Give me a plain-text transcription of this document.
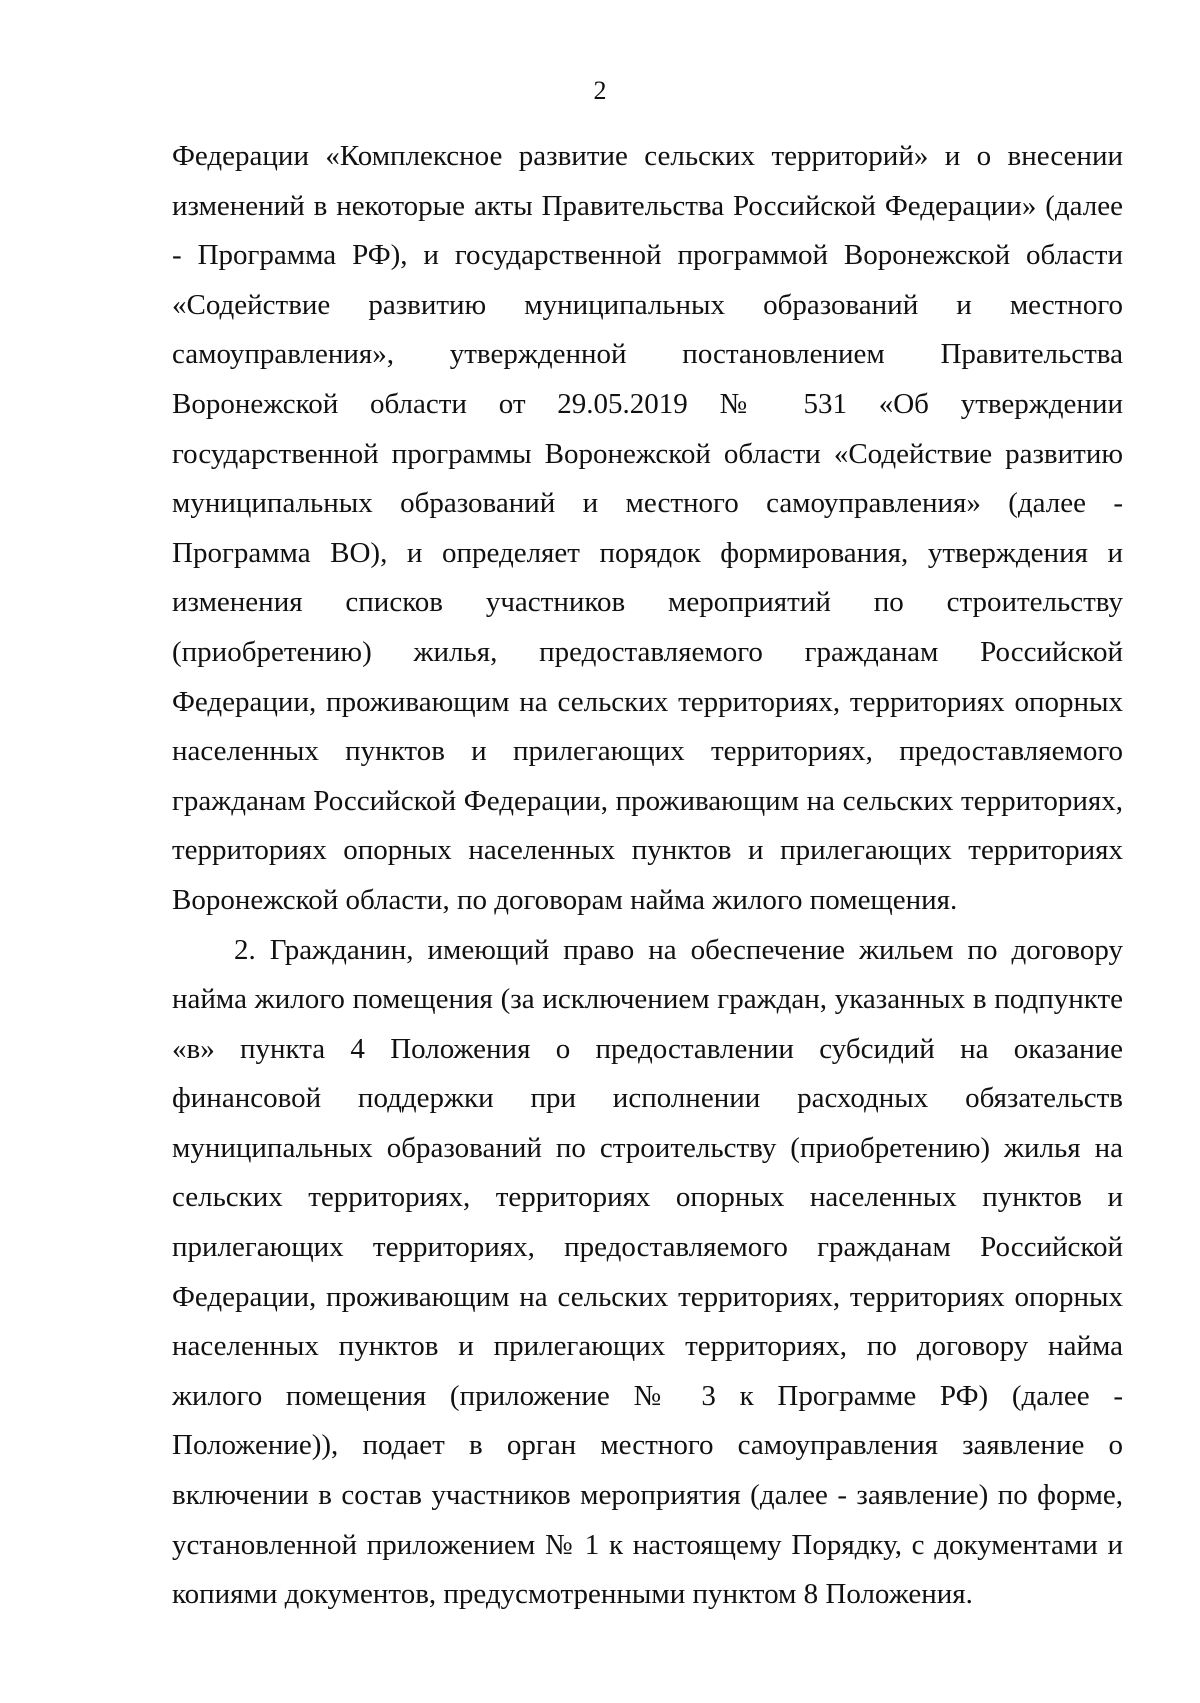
2

Федерации «Комплексное развитие сельских территорий» и о внесении изменений в некоторые акты Правительства Российской Федерации» (далее - Программа РФ), и государственной программой Воронежской области «Содействие развитию муниципальных образований и местного самоуправления», утвержденной постановлением Правительства Воронежской области от 29.05.2019 № 531 «Об утверждении государственной программы Воронежской области «Содействие развитию муниципальных образований и местного самоуправления» (далее - Программа ВО), и определяет порядок формирования, утверждения и изменения списков участников мероприятий по строительству (приобретению) жилья, предоставляемого гражданам Российской Федерации, проживающим на сельских территориях, территориях опорных населенных пунктов и прилегающих территориях, предоставляемого гражданам Российской Федерации, проживающим на сельских территориях, территориях опорных населенных пунктов и прилегающих территориях Воронежской области, по договорам найма жилого помещения.

2. Гражданин, имеющий право на обеспечение жильем по договору найма жилого помещения (за исключением граждан, указанных в подпункте «в» пункта 4 Положения о предоставлении субсидий на оказание финансовой поддержки при исполнении расходных обязательств муниципальных образований по строительству (приобретению) жилья на сельских территориях, территориях опорных населенных пунктов и прилегающих территориях, предоставляемого гражданам Российской Федерации, проживающим на сельских территориях, территориях опорных населенных пунктов и прилегающих территориях, по договору найма жилого помещения (приложение № 3 к Программе РФ) (далее - Положение)), подает в орган местного самоуправления заявление о включении в состав участников мероприятия (далее - заявление) по форме, установленной приложением № 1 к настоящему Порядку, с документами и копиями документов, предусмотренными пунктом 8 Положения.
